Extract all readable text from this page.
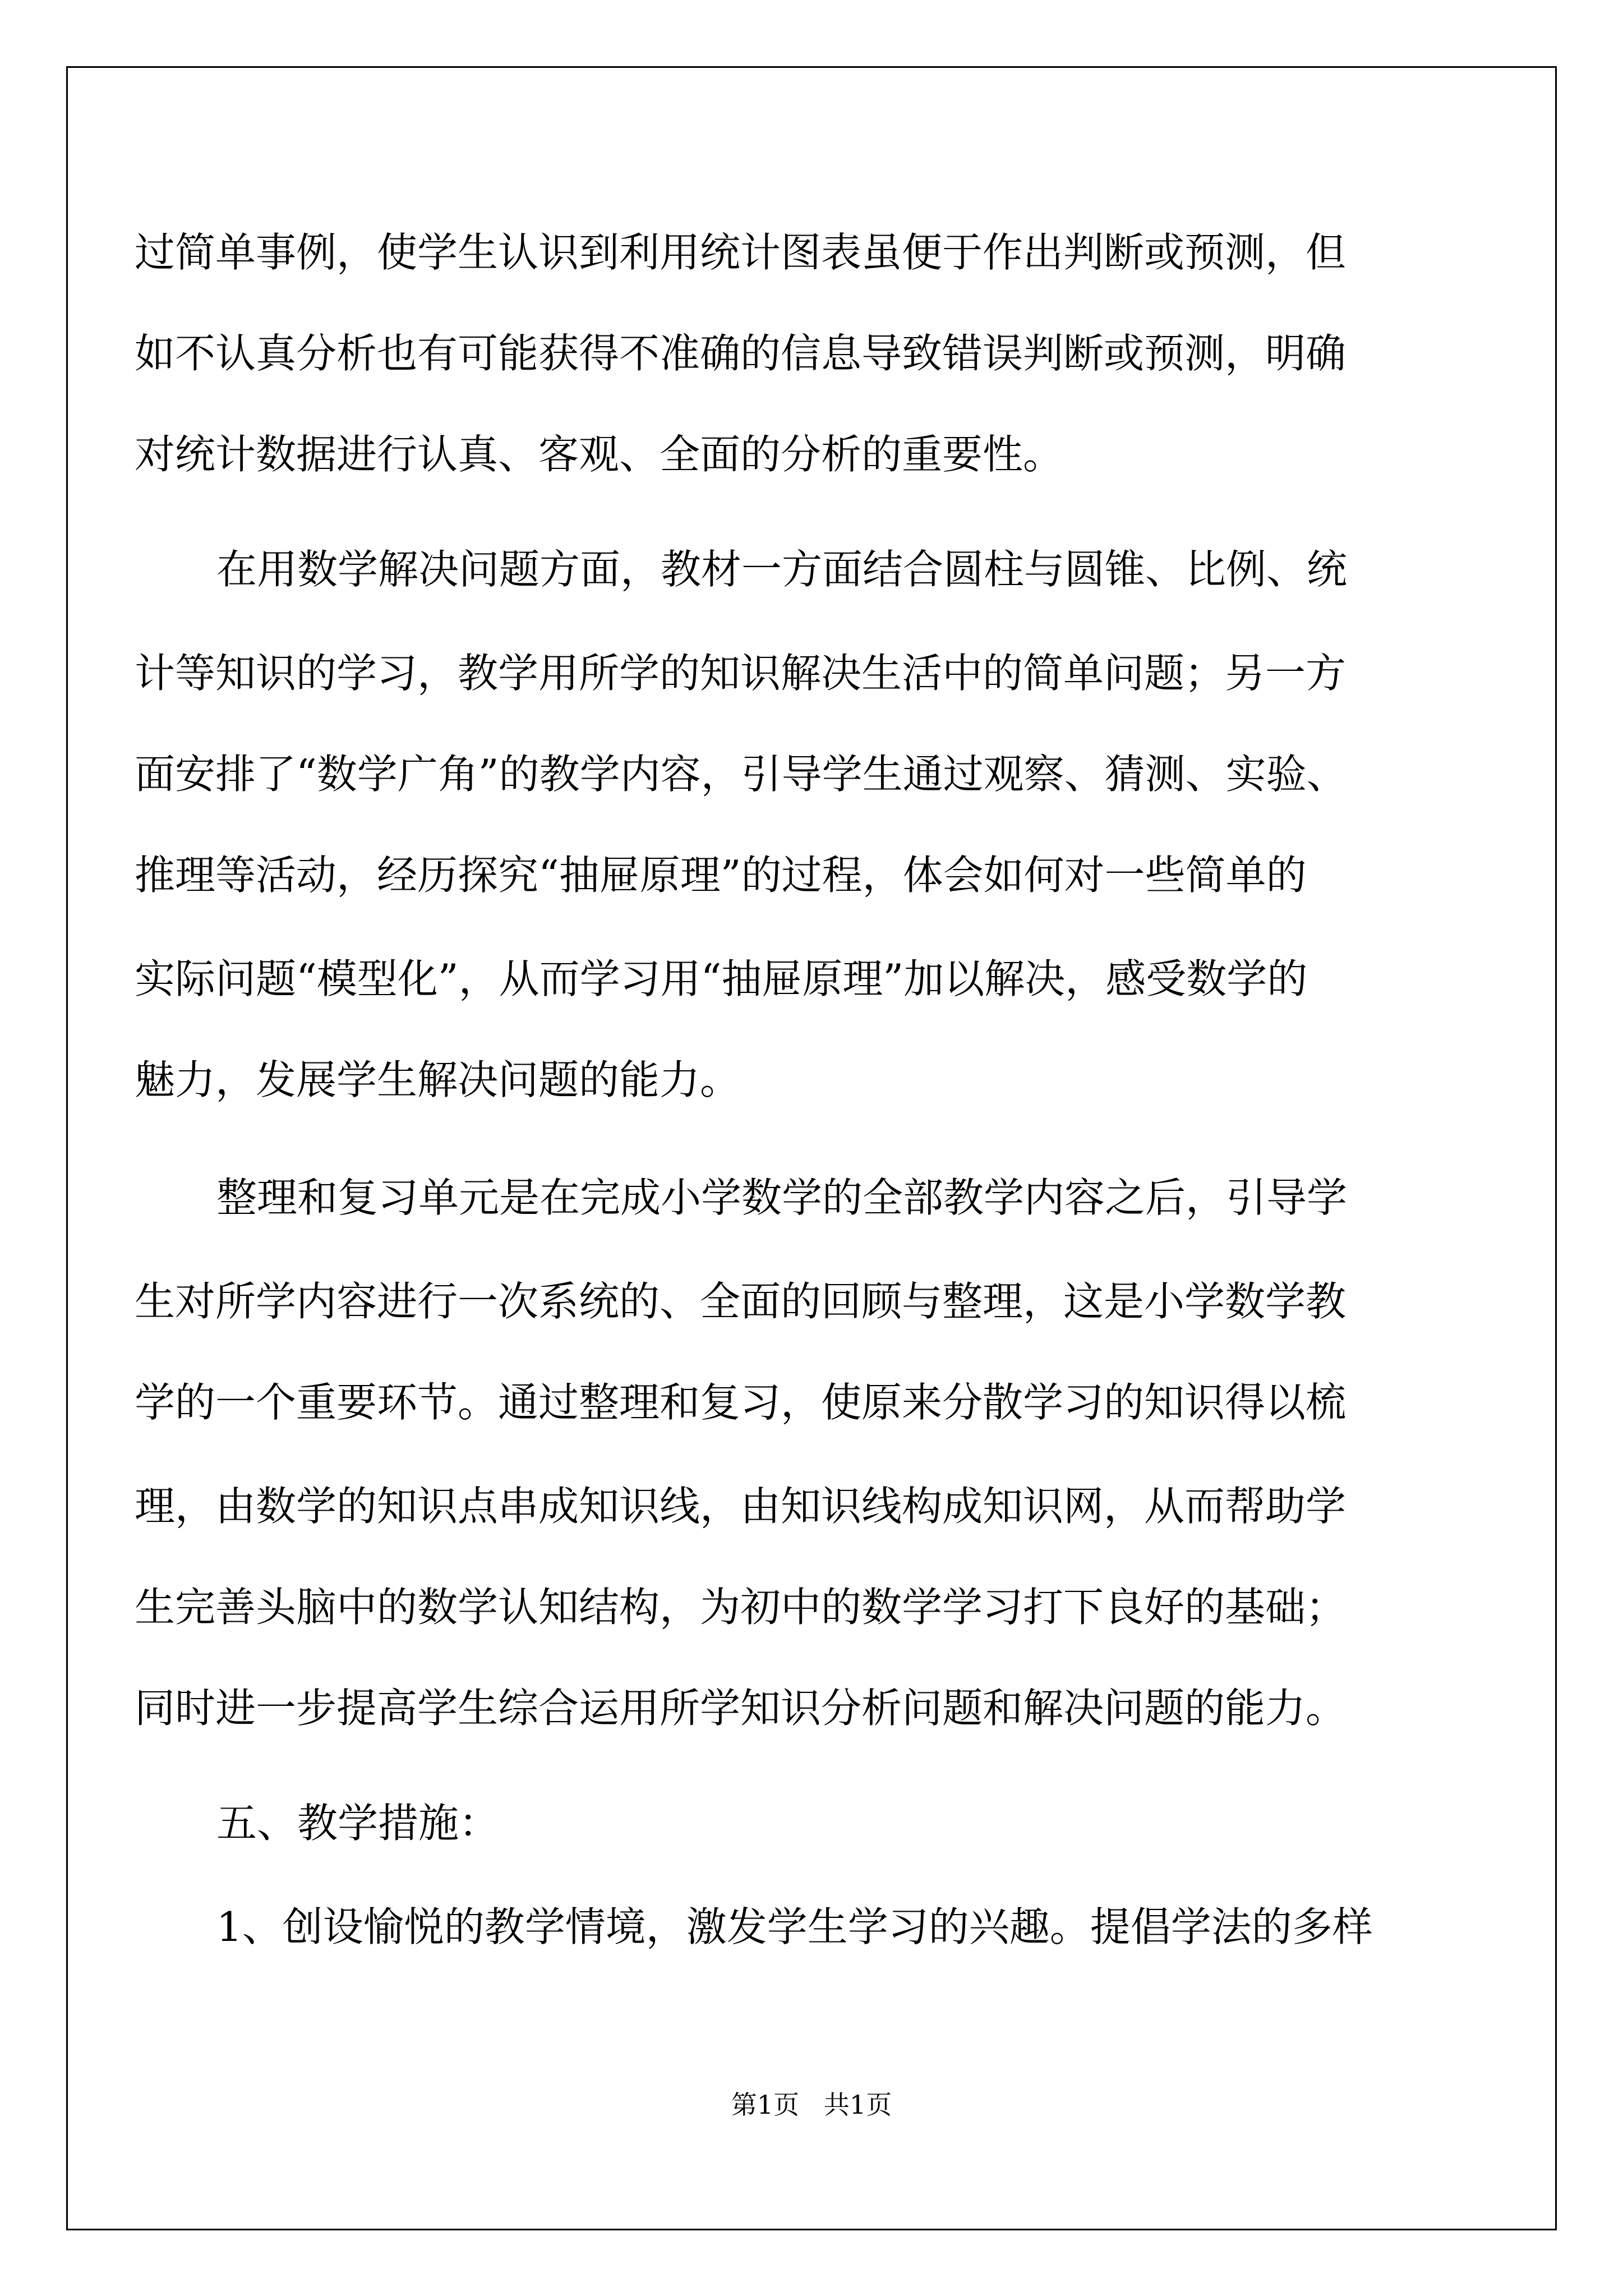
过简单事例，使学生认识到利用统计图表虽便于作出判断或预测，但
如不认真分析也有可能获得不准确的信息导致错误判断或预测，明确
对统计数据进行认真、客观、全面的分析的重要性。
在用数学解决问题方面，教材一方面结合圆柱与圆锥、比例、统
计等知识的学习，教学用所学的知识解决生活中的简单问题；另一方
面安排了“数学广角”的教学内容，引导学生通过观察、猜测、实验、
推理等活动，经历探究“抽屉原理”的过程，体会如何对一些简单的
实际问题“模型化”，从而学习用“抽屉原理”加以解决，感受数学的
魅力，发展学生解决问题的能力。
整理和复习单元是在完成小学数学的全部教学内容之后，引导学
生对所学内容进行一次系统的、全面的回顾与整理，这是小学数学教
学的一个重要环节。通过整理和复习，使原来分散学习的知识得以梳
理，由数学的知识点串成知识线，由知识线构成知识网，从而帮助学
生完善头脑中的数学认知结构，为初中的数学学习打下良好的基础；
同时进一步提高学生综合运用所学知识分析问题和解决问题的能力。
五、教学措施：
1、创设愉悦的教学情境，激发学生学习的兴趣。提倡学法的多样
第1页   共1页
